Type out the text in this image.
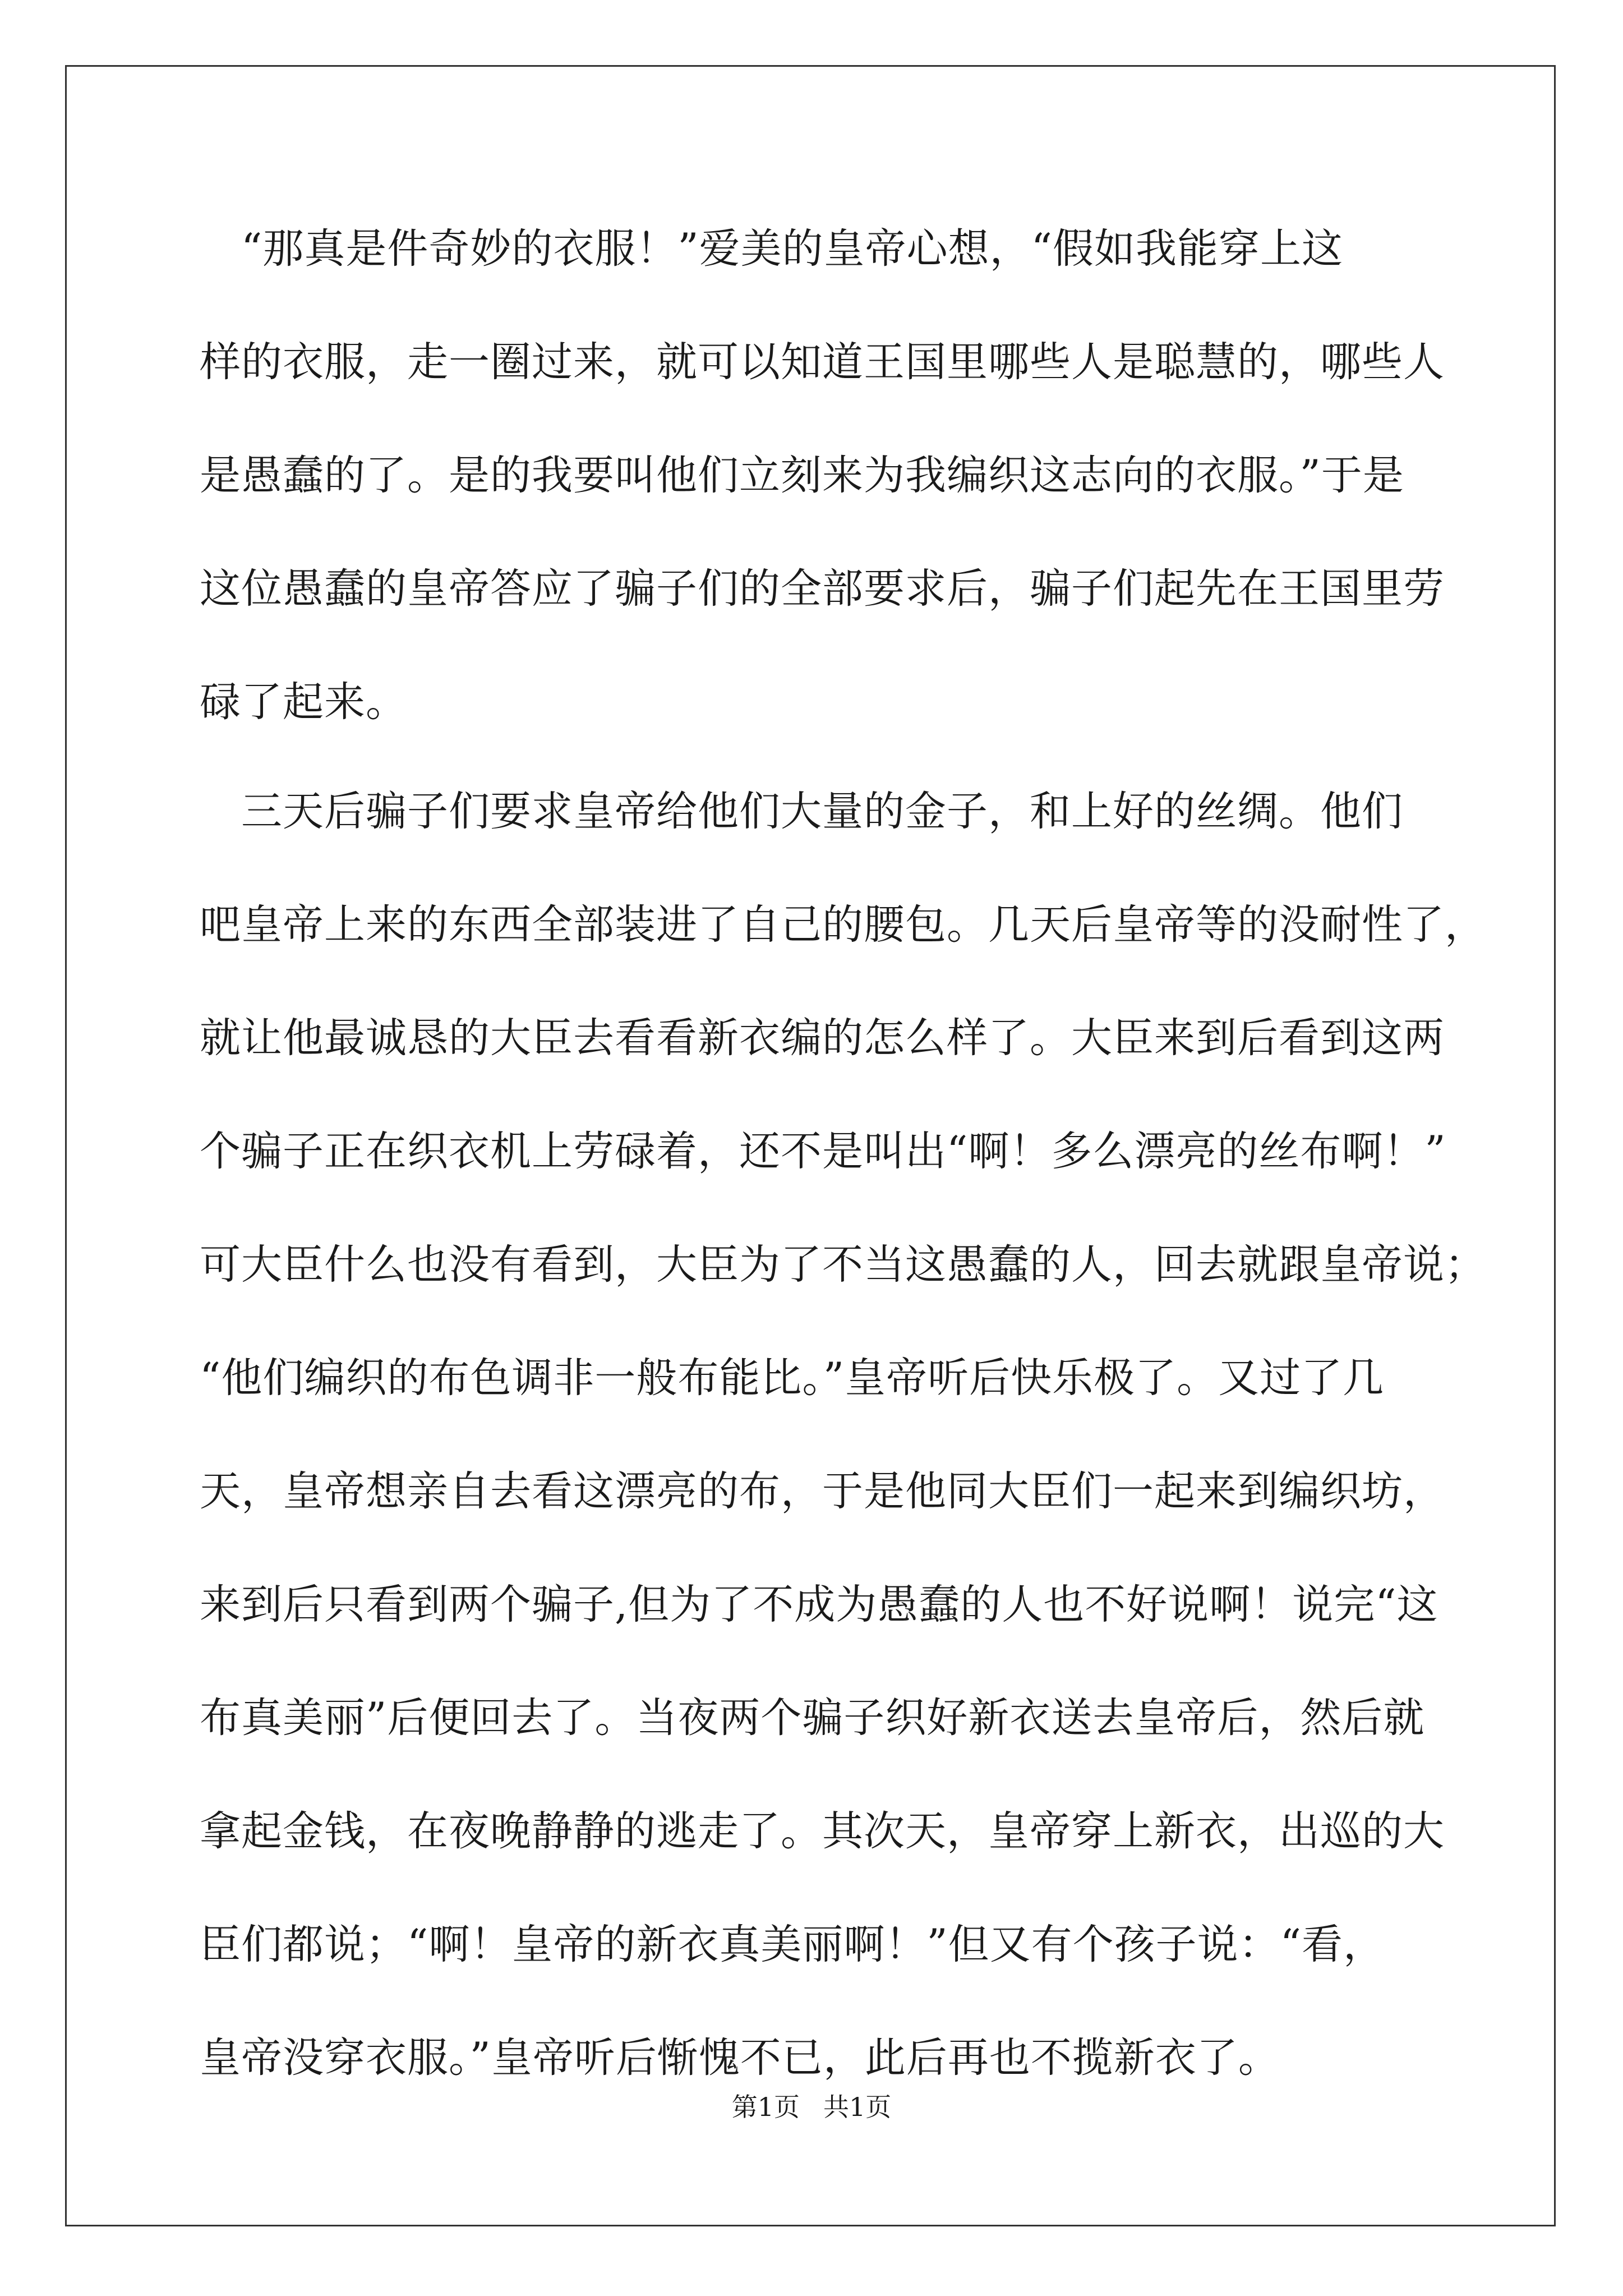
　“那真是件奇妙的衣服！”爱美的皇帝心想，“假如我能穿上这
样的衣服，走一圈过来，就可以知道王国里哪些人是聪慧的，哪些人
是愚蠢的了。是的我要叫他们立刻来为我编织这志向的衣服。”于是
这位愚蠢的皇帝答应了骗子们的全部要求后，骗子们起先在王国里劳
碌了起来。
　三天后骗子们要求皇帝给他们大量的金子，和上好的丝绸。他们
吧皇帝上来的东西全部装进了自己的腰包。几天后皇帝等的没耐性了，
就让他最诚恳的大臣去看看新衣编的怎么样了。大臣来到后看到这两
个骗子正在织衣机上劳碌着，还不是叫出“啊！多么漂亮的丝布啊！”
可大臣什么也没有看到，大臣为了不当这愚蠢的人，回去就跟皇帝说；
“他们编织的布色调非一般布能比。”皇帝听后快乐极了。又过了几
天，皇帝想亲自去看这漂亮的布，于是他同大臣们一起来到编织坊，
来到后只看到两个骗子,但为了不成为愚蠢的人也不好说啊！说完“这
布真美丽”后便回去了。当夜两个骗子织好新衣送去皇帝后，然后就
拿起金钱，在夜晚静静的逃走了。其次天，皇帝穿上新衣，出巡的大
臣们都说；“啊！皇帝的新衣真美丽啊！”但又有个孩子说：“看，
皇帝没穿衣服。”皇帝听后惭愧不已，此后再也不揽新衣了。
第1页 共1页
